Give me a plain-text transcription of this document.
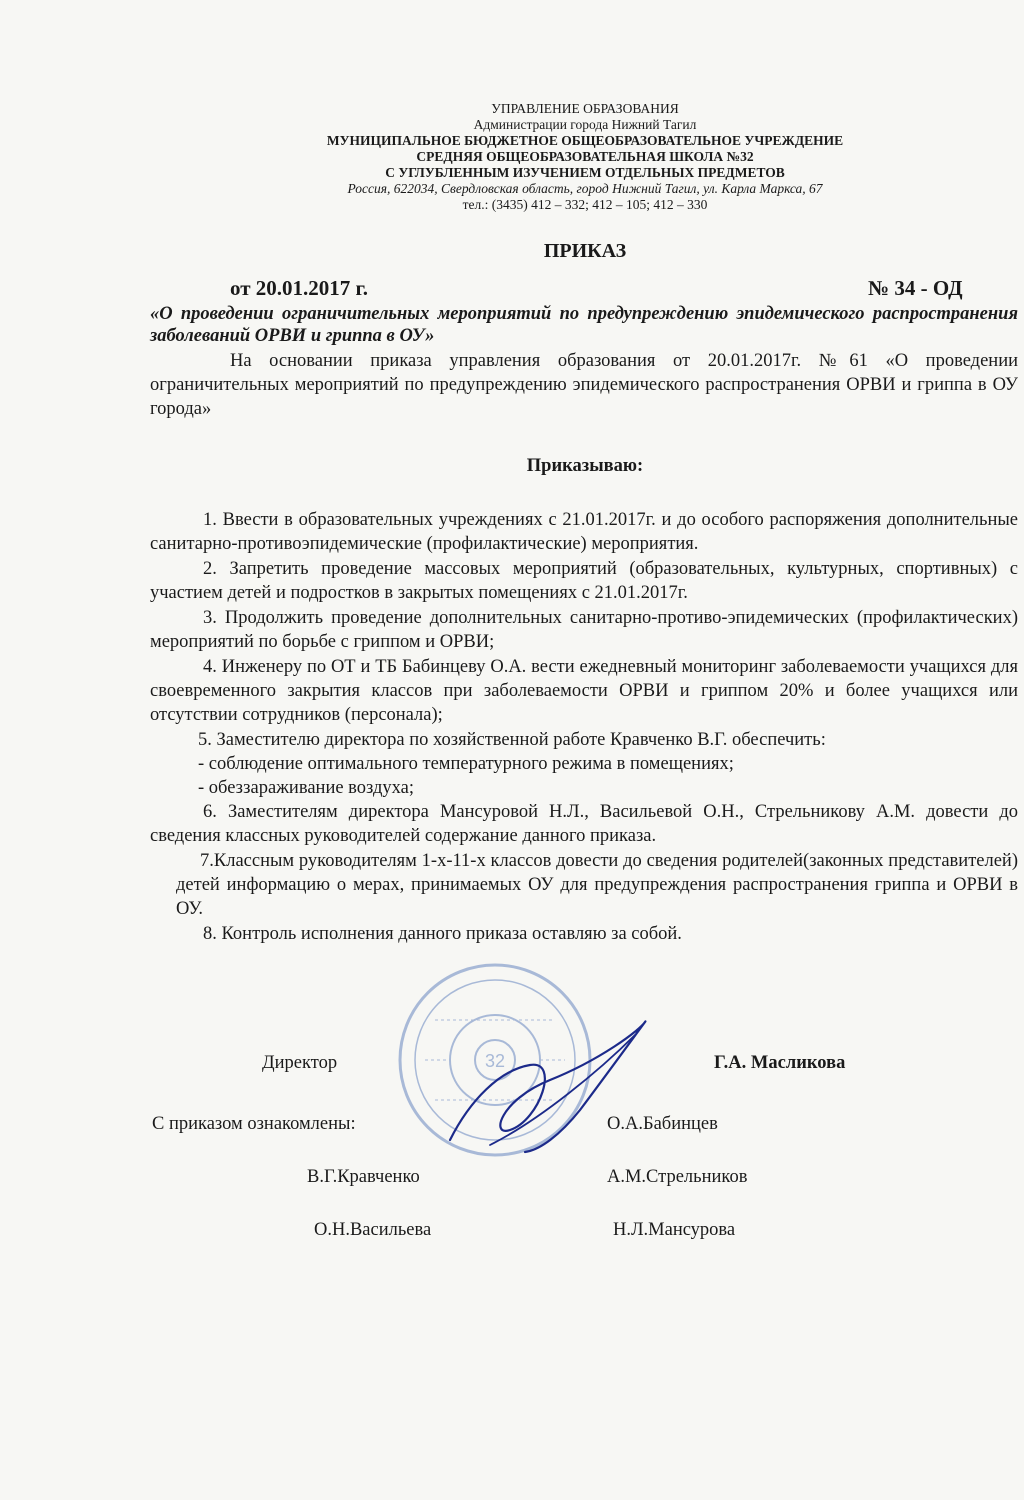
УПРАВЛЕНИЕ ОБРАЗОВАНИЯ
Администрации города Нижний Тагил
МУНИЦИПАЛЬНОЕ БЮДЖЕТНОЕ ОБЩЕОБРАЗОВАТЕЛЬНОЕ УЧРЕЖДЕНИЕ
СРЕДНЯЯ ОБЩЕОБРАЗОВАТЕЛЬНАЯ ШКОЛА №32
С УГЛУБЛЕННЫМ ИЗУЧЕНИЕМ ОТДЕЛЬНЫХ ПРЕДМЕТОВ
Россия, 622034, Свердловская область, город Нижний Тагил, ул. Карла Маркса, 67
тел.: (3435) 412 – 332; 412 – 105; 412 – 330
ПРИКАЗ
от 20.01.2017 г.	№ 34 - ОД
«О проведении ограничительных мероприятий по предупреждению эпидемического распространения заболеваний ОРВИ и гриппа в ОУ»
На основании приказа управления образования от 20.01.2017г. №61 «О проведении ограничительных мероприятий по предупреждению эпидемического распространения ОРВИ и гриппа в ОУ города»
Приказываю:

1. Ввести в образовательных учреждениях с 21.01.2017г. и до особого распоряжения дополнительные санитарно-противоэпидемические (профилактические) мероприятия.

2. Запретить проведение массовых мероприятий (образовательных, культурных, спортивных) с участием детей и подростков в закрытых помещениях с 21.01.2017г.

3. Продолжить проведение дополнительных санитарно-противо-эпидемических (профилактических) мероприятий по борьбе с гриппом и ОРВИ;

4. Инженеру по ОТ и ТБ Бабинцеву О.А. вести ежедневный мониторинг заболеваемости учащихся для своевременного закрытия классов при заболеваемости ОРВИ и гриппом 20% и более учащихся или отсутствии сотрудников (персонала);

5. Заместителю директора по хозяйственной работе Кравченко В.Г. обеспечить:

- соблюдение оптимального температурного режима в помещениях;

- обеззараживание воздуха;

6. Заместителям директора Мансуровой Н.Л., Васильевой О.Н., Стрельникову А.М. довести до сведения классных руководителей содержание данного приказа.

7.Классным руководителям 1-х-11-х классов довести до сведения родителей(законных представителей) детей информацию о мерах, принимаемых ОУ для предупреждения распространения гриппа и ОРВИ в ОУ.

8. Контроль исполнения данного приказа оставляю за собой.

32
Директор	Г.А. Масликова
С приказом ознакомлены:	О.А.Бабинцев
В.Г.Кравченко	А.М.Стрельников
О.Н.Васильева	Н.Л.Мансурова
